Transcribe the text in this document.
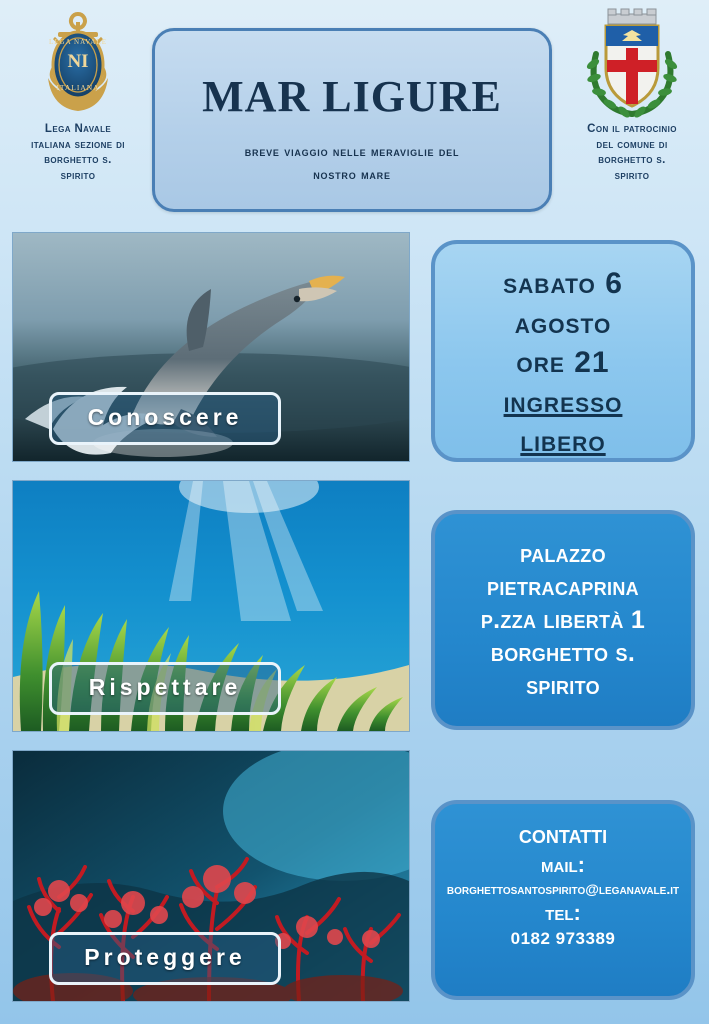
LEGA NAVALE
NI
ITALIANA
Lega Navale
italiana sezione di
borghetto s.
spirito
MAR LIGURE
breve viaggio nelle meraviglie del
nostro mare
Con il patrocinio
del comune di
borghetto s.
spirito
Conoscere
Rispettare
Proteggere
sabato 6
agosto
ore 21
ingresso
libero
palazzo
pietracaprina
p.zza libertà 1
borghetto s.
spirito
contatti
mail:
borghettosantospirito@leganavale.it
tel:
0182 973389
